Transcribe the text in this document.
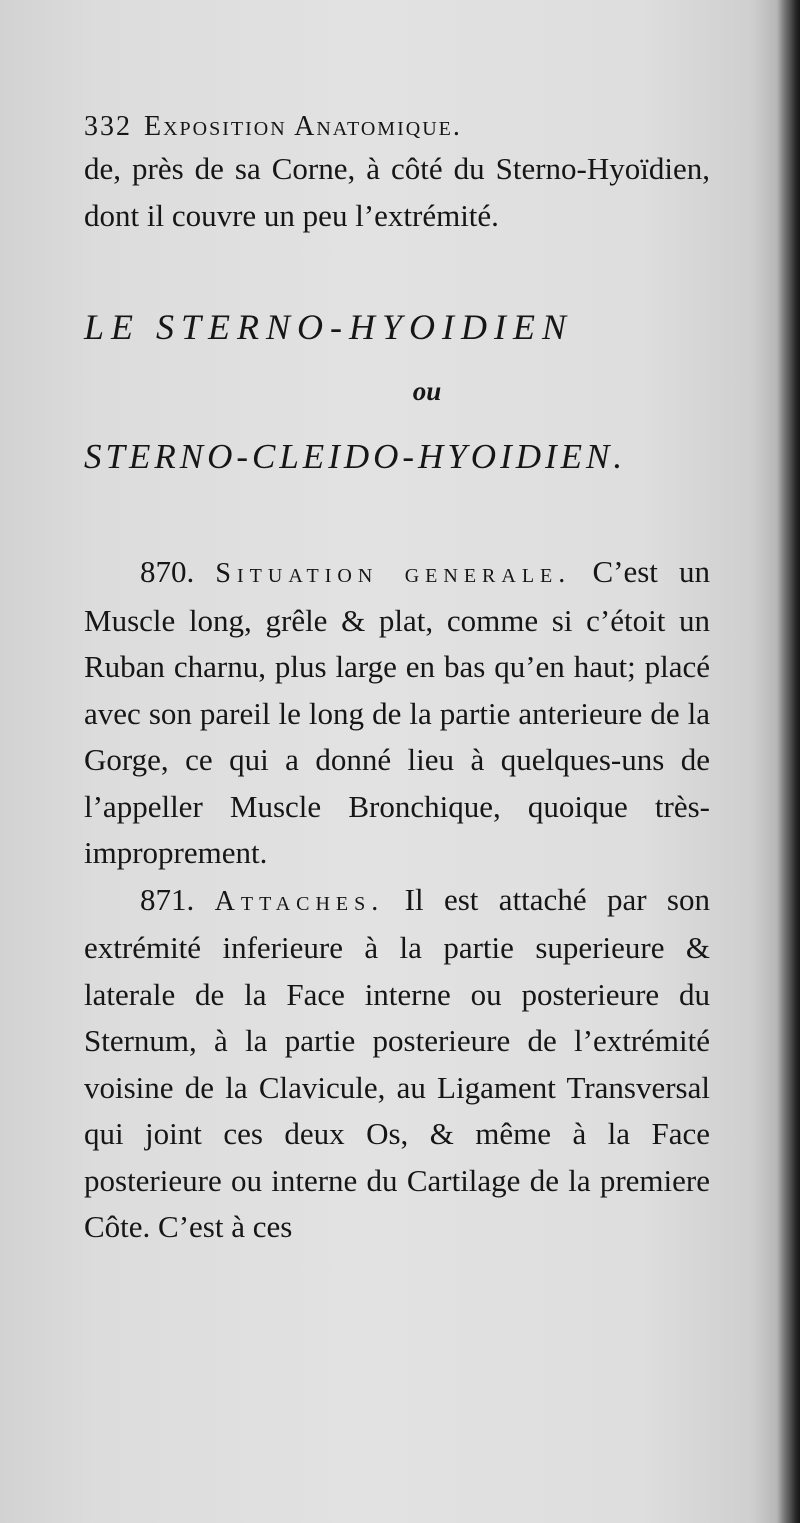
332 Exposition Anatomique.

de, près de sa Corne, à côté du Sterno-Hyoïdien, dont il couvre un peu l’extrémité.

LE STERNO-HYOIDIEN
ou
STERNO-CLEIDO-HYOIDIEN.

870. Situation generale. C’est un Muscle long, grêle & plat, comme si c’étoit un Ruban charnu, plus large en bas qu’en haut; placé avec son pareil le long de la partie anterieure de la Gorge, ce qui a donné lieu à quelques-uns de l’appeller Muscle Bronchique, quoique très-improprement.

871. Attaches. Il est attaché par son extrémité inferieure à la partie superieure & laterale de la Face interne ou posterieure du Sternum, à la partie posterieure de l’extrémité voisine de la Clavicule, au Ligament Transversal qui joint ces deux Os, & même à la Face posterieure ou interne du Cartilage de la premiere Côte. C’est à ces
